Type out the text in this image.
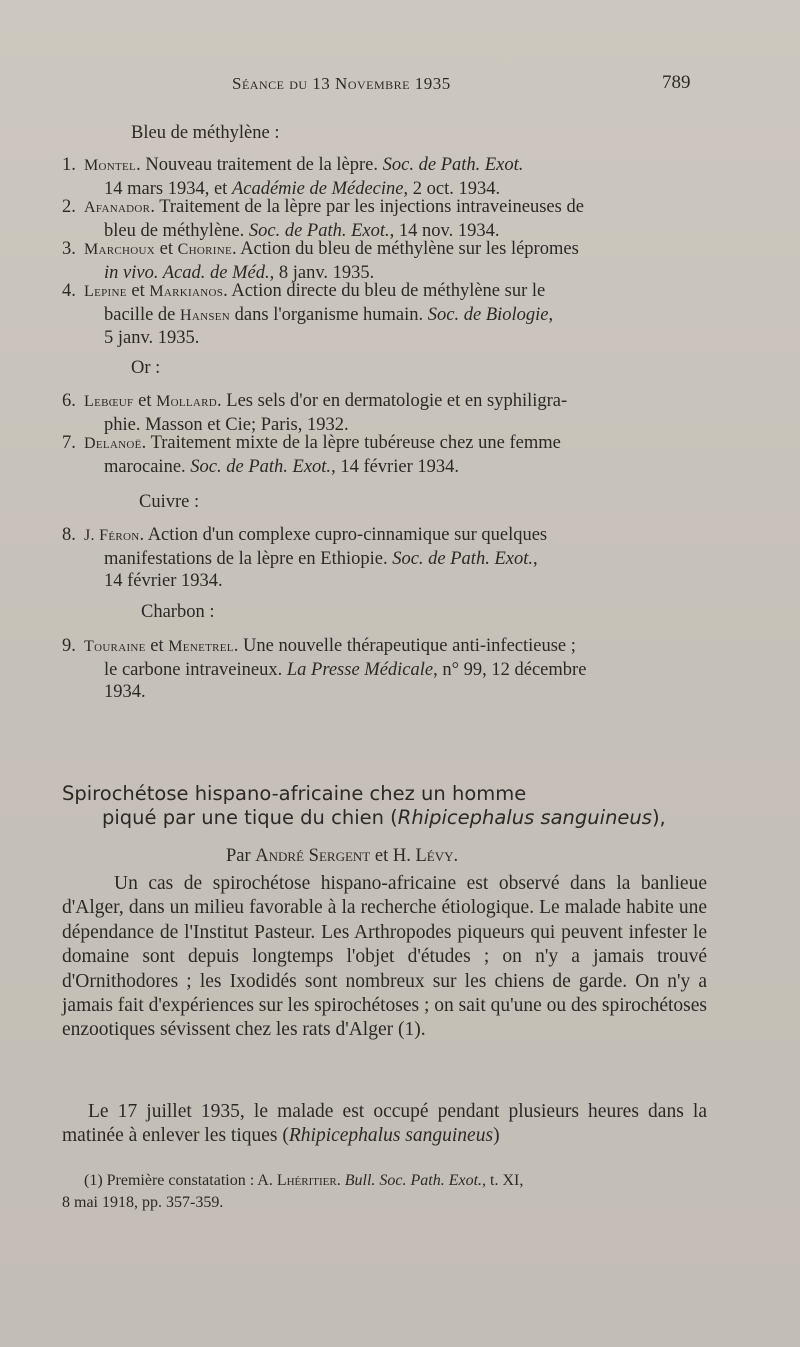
Séance du 13 Novembre 1935	789
Bleu de méthylène :
1. Montel. Nouveau traitement de la lèpre. Soc. de Path. Exot.
14 mars 1934, et Académie de Médecine, 2 oct. 1934.
2. Afanador. Traitement de la lèpre par les injections intraveineuses de
bleu de méthylène. Soc. de Path. Exot., 14 nov. 1934.
3. Marchoux et Chorine. Action du bleu de méthylène sur les lépromes
in vivo. Acad. de Méd., 8 janv. 1935.
4. Lepine et Markianos. Action directe du bleu de méthylène sur le
bacille de Hansen dans l'organisme humain. Soc. de Biologie,
5 janv. 1935.
Or :
6. Lebœuf et Mollard. Les sels d'or en dermatologie et en syphiligra-
phie. Masson et Cie; Paris, 1932.
7. Delanoë. Traitement mixte de la lèpre tubéreuse chez une femme
marocaine. Soc. de Path. Exot., 14 février 1934.
Cuivre :
8. J. Féron. Action d'un complexe cupro-cinnamique sur quelques
manifestations de la lèpre en Ethiopie. Soc. de Path. Exot.,
14 février 1934.
Charbon :
9. Touraine et Menetrel. Une nouvelle thérapeutique anti-infectieuse ;
le carbone intraveineux. La Presse Médicale, n° 99, 12 décembre
1934.
Spirochétose hispano-africaine chez un homme
piqué par une tique du chien (Rhipicephalus sanguineus),
Par André Sergent et H. Lévy.
Un cas de spirochétose hispano-africaine est observé dans la banlieue d'Alger, dans un milieu favorable à la recherche étiologique. Le malade habite une dépendance de l'Institut Pasteur. Les Arthropodes piqueurs qui peuvent infester le domaine sont depuis longtemps l'objet d'études ; on n'y a jamais trouvé d'Ornithodores ; les Ixodidés sont nombreux sur les chiens de garde. On n'y a jamais fait d'expériences sur les spirochétoses ; on sait qu'une ou des spirochétoses enzootiques sévissent chez les rats d'Alger (1).
Le 17 juillet 1935, le malade est occupé pendant plusieurs heures dans la matinée à enlever les tiques (Rhipicephalus sanguineus)
(1) Première constatation : A. Lhéritier. Bull. Soc. Path. Exot., t. XI,
8 mai 1918, pp. 357-359.
